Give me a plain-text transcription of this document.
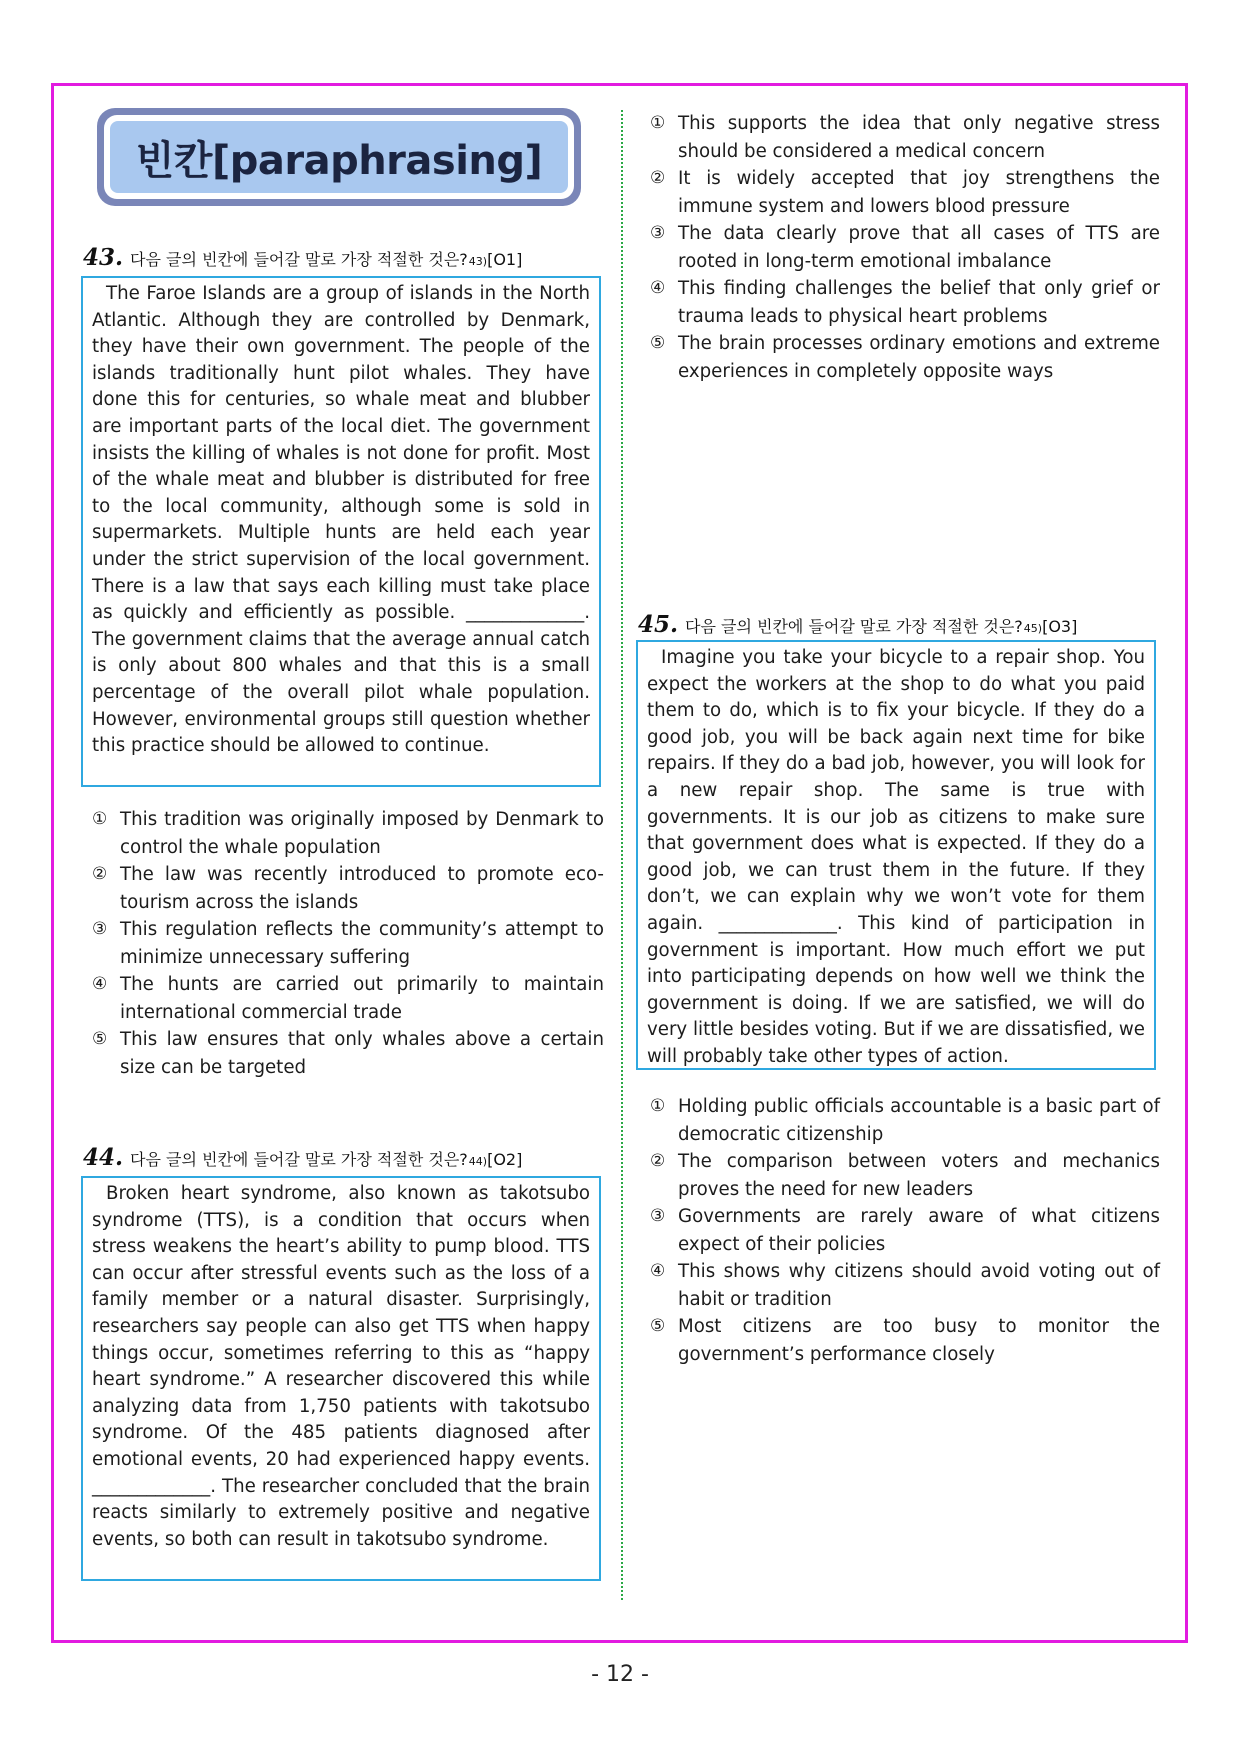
빈칸[paraphrasing]
43. 다음 글의 빈칸에 들어갈 말로 가장 적절한 것은? 43) [O1]

The Faroe Islands are a group of islands in the North Atlantic. Although they are controlled by Denmark, they have their own government. The people of the islands traditionally hunt pilot whales. They have done this for centuries, so whale meat and blubber are important parts of the local diet. The government insists the killing of whales is not done for profit. Most of the whale meat and blubber is distributed for free to the local community, although some is sold in supermarkets. Multiple hunts are held each year under the strict supervision of the local government. There is a law that says each killing must take place as quickly and efficiently as possible. _____________. The government claims that the average annual catch is only about 800 whales and that this is a small percentage of the overall pilot whale population. However, environmental groups still question whether this practice should be allowed to continue.

① This tradition was originally imposed by Denmark to control the whale population
② The law was recently introduced to promote eco-tourism across the islands
③ This regulation reflects the community’s attempt to minimize unnecessary suffering
④ The hunts are carried out primarily to maintain international commercial trade
⑤ This law ensures that only whales above a certain size can be targeted
44. 다음 글의 빈칸에 들어갈 말로 가장 적절한 것은? 44) [O2]

Broken heart syndrome, also known as takotsubo syndrome (TTS), is a condition that occurs when stress weakens the heart’s ability to pump blood. TTS can occur after stressful events such as the loss of a family member or a natural disaster. Surprisingly, researchers say people can also get TTS when happy things occur, sometimes referring to this as “happy heart syndrome.” A researcher discovered this while analyzing data from 1,750 patients with takotsubo syndrome. Of the 485 patients diagnosed after emotional events, 20 had experienced happy events. _____________. The researcher concluded that the brain reacts similarly to extremely positive and negative events, so both can result in takotsubo syndrome.

① This supports the idea that only negative stress should be considered a medical concern
② It is widely accepted that joy strengthens the immune system and lowers blood pressure
③ The data clearly prove that all cases of TTS are rooted in long-term emotional imbalance
④ This finding challenges the belief that only grief or trauma leads to physical heart problems
⑤ The brain processes ordinary emotions and extreme experiences in completely opposite ways
45. 다음 글의 빈칸에 들어갈 말로 가장 적절한 것은? 45) [O3]

Imagine you take your bicycle to a repair shop. You expect the workers at the shop to do what you paid them to do, which is to fix your bicycle. If they do a good job, you will be back again next time for bike repairs. If they do a bad job, however, you will look for a new repair shop. The same is true with governments. It is our job as citizens to make sure that government does what is expected. If they do a good job, we can trust them in the future. If they don’t, we can explain why we won’t vote for them again. _____________. This kind of participation in government is important. How much effort we put into participating depends on how well we think the government is doing. If we are satisfied, we will do very little besides voting. But if we are dissatisfied, we will probably take other types of action.

① Holding public officials accountable is a basic part of democratic citizenship
② The comparison between voters and mechanics proves the need for new leaders
③ Governments are rarely aware of what citizens expect of their policies
④ This shows why citizens should avoid voting out of habit or tradition
⑤ Most citizens are too busy to monitor the government’s performance closely
- 12 -
